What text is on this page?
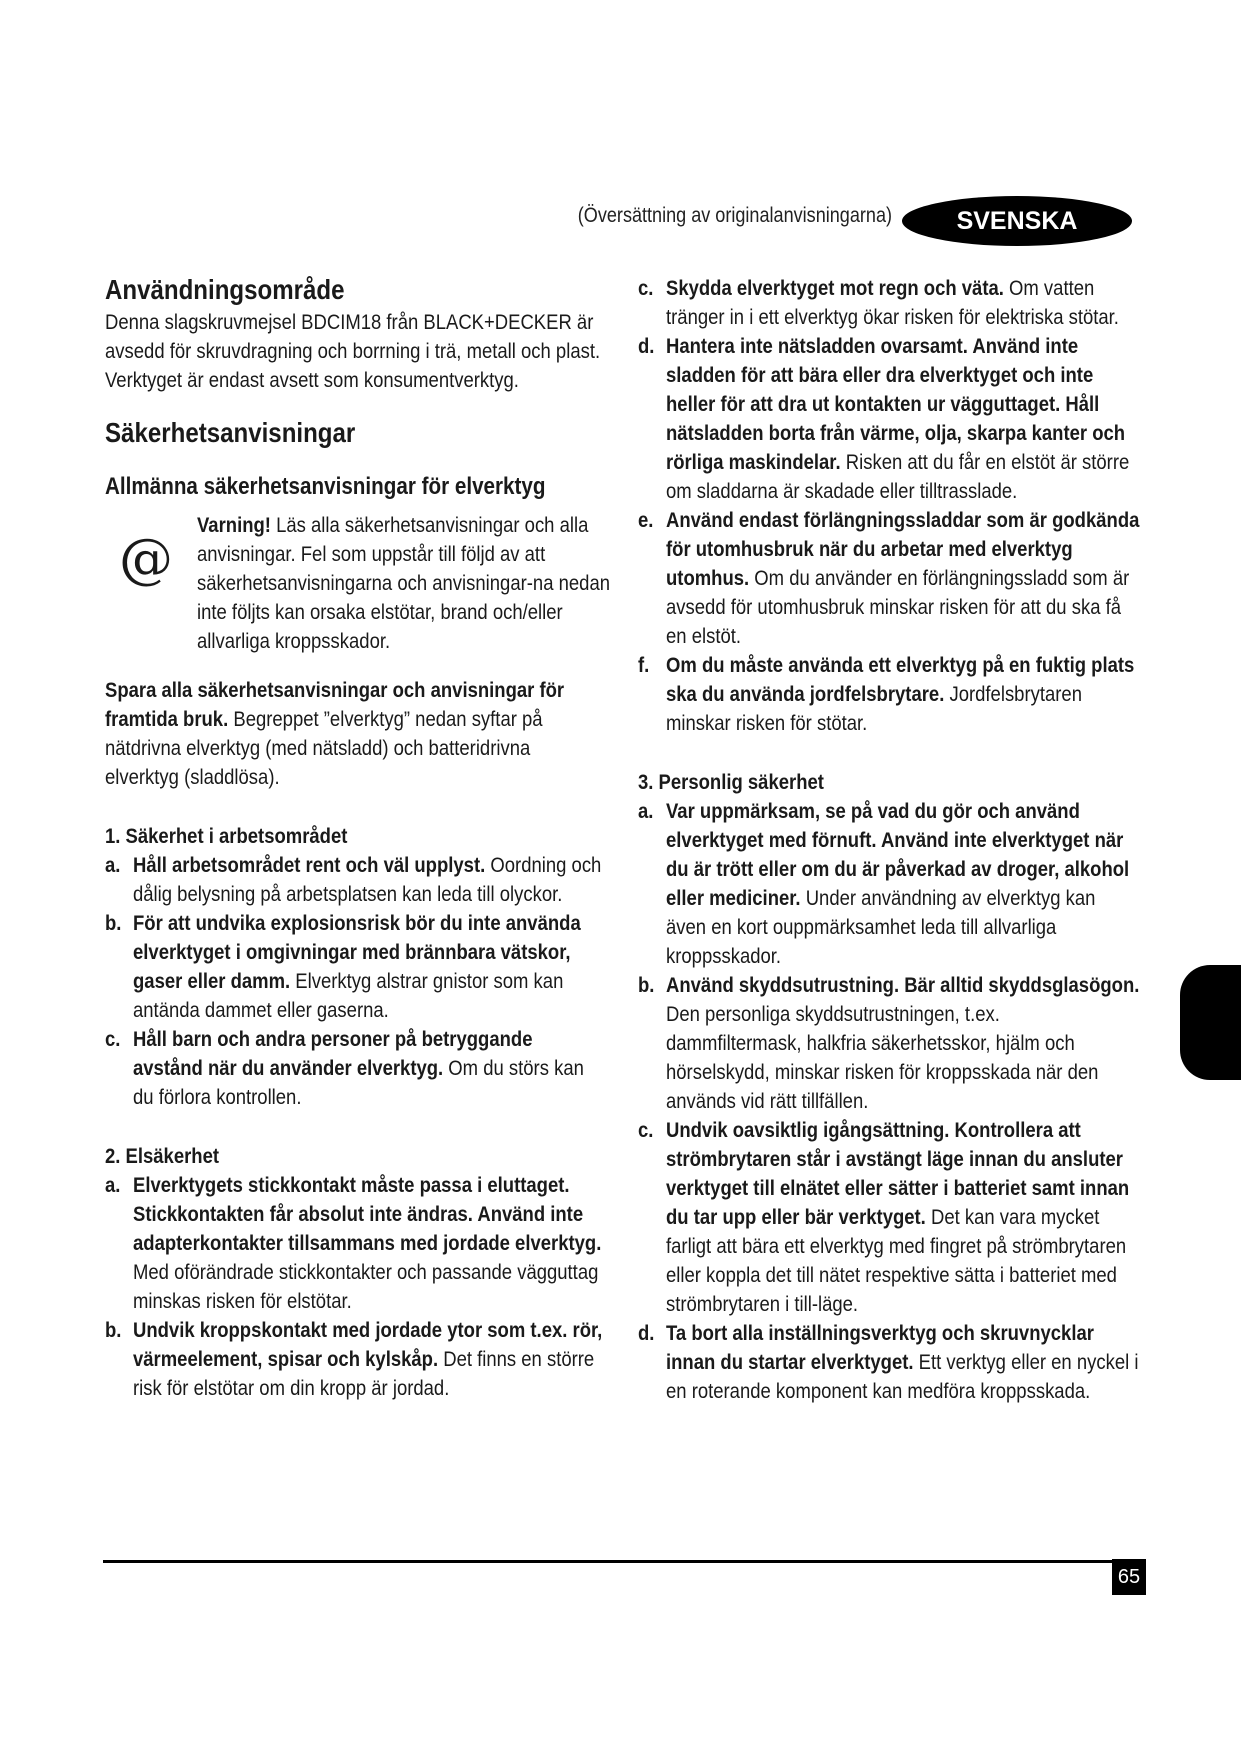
(Översättning av originalanvisningarna)	SVENSKA
Användningsområde

Denna slagskruvmejsel BDCIM18 från BLACK+DECKER är avsedd för skruvdragning och borrning i trä, metall och plast. Verktyget är endast avsett som konsumentverktyg.

Säkerhetsanvisningar
Allmänna säkerhetsanvisningar för elverktyg
@

Varning! Läs alla säkerhetsanvisningar och alla anvisningar. Fel som uppstår till följd av att säkerhetsanvisningarna och anvisningar-na nedan inte följts kan orsaka elstötar, brand och/eller allvarliga kroppsskador.

Spara alla säkerhetsanvisningar och anvisningar för framtida bruk. Begreppet ”elverktyg” nedan syftar på nätdrivna elverktyg (med nätsladd) och batteridrivna elverktyg (sladdlösa).

1. Säkerhet i arbetsområdet

a. Håll arbetsområdet rent och väl upplyst. Oordning och dålig belysning på arbetsplatsen kan leda till olyckor.

b. För att undvika explosionsrisk bör du inte använda elverktyget i omgivningar med brännbara vätskor, gaser eller damm. Elverktyg alstrar gnistor som kan antända dammet eller gaserna.

c. Håll barn och andra personer på betryggande avstånd när du använder elverktyg. Om du störs kan du förlora kontrollen.

2. Elsäkerhet

a. Elverktygets stickkontakt måste passa i eluttaget. Stickkontakten får absolut inte ändras. Använd inte adapterkontakter tillsammans med jordade elverktyg. Med oförändrade stickkontakter och passande vägguttag minskas risken för elstötar.

b. Undvik kroppskontakt med jordade ytor som t.ex. rör, värmeelement, spisar och kylskåp. Det finns en större risk för elstötar om din kropp är jordad.

c. Skydda elverktyget mot regn och väta. Om vatten tränger in i ett elverktyg ökar risken för elektriska stötar.

d. Hantera inte nätsladden ovarsamt. Använd inte sladden för att bära eller dra elverktyget och inte heller för att dra ut kontakten ur vägguttaget. Håll nätsladden borta från värme, olja, skarpa kanter och rörliga maskindelar. Risken att du får en elstöt är större om sladdarna är skadade eller tilltrasslade.

e. Använd endast förlängningssladdar som är godkända för utomhusbruk när du arbetar med elverktyg utomhus. Om du använder en förlängningssladd som är avsedd för utomhusbruk minskar risken för att du ska få en elstöt.

f. Om du måste använda ett elverktyg på en fuktig plats ska du använda jordfelsbrytare. Jordfelsbrytaren minskar risken för stötar.

3. Personlig säkerhet

a. Var uppmärksam, se på vad du gör och använd elverktyget med förnuft. Använd inte elverktyget när du är trött eller om du är påverkad av droger, alkohol eller mediciner. Under användning av elverktyg kan även en kort ouppmärksamhet leda till allvarliga kroppsskador.

b. Använd skyddsutrustning. Bär alltid skyddsglasögon. Den personliga skyddsutrustningen, t.ex. dammfiltermask, halkfria säkerhetsskor, hjälm och hörselskydd, minskar risken för kroppsskada när den används vid rätt tillfällen.

c. Undvik oavsiktlig igångsättning. Kontrollera att strömbrytaren står i avstängt läge innan du ansluter verktyget till elnätet eller sätter i batteriet samt innan du tar upp eller bär verktyget. Det kan vara mycket farligt att bära ett elverktyg med fingret på strömbrytaren eller koppla det till nätet respektive sätta i batteriet med strömbrytaren i till-läge.

d. Ta bort alla inställningsverktyg och skruvnycklar innan du startar elverktyget. Ett verktyg eller en nyckel i en roterande komponent kan medföra kroppsskada.

65
